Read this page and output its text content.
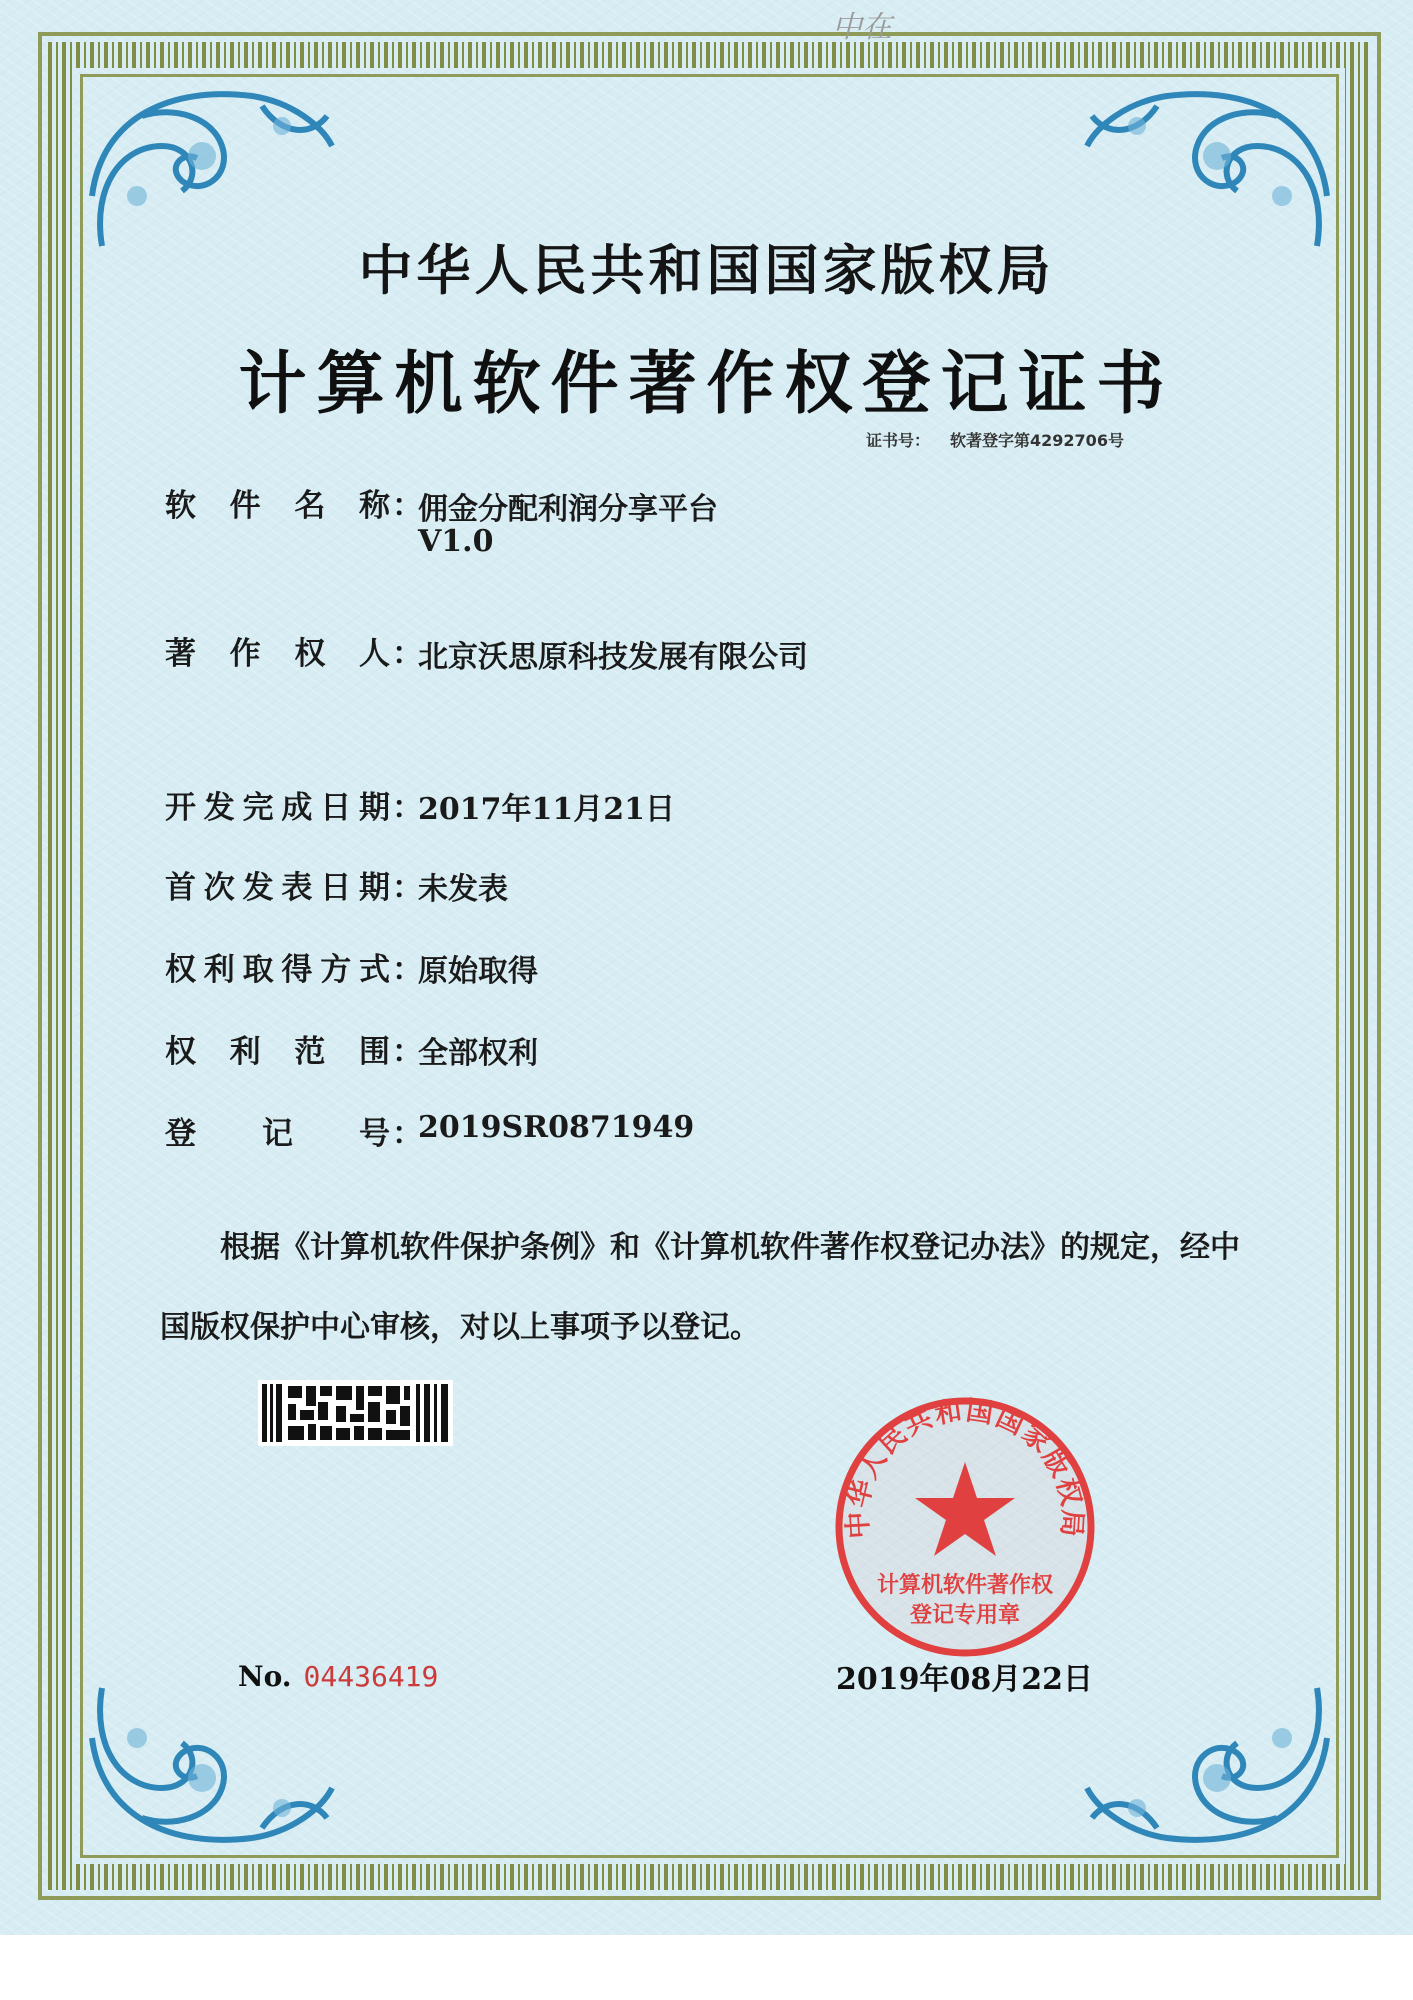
中在
中华人民共和国国家版权局
计算机软件著作权登记证书
证书号： 软著登字第4292706号
软件名称 ：
佣金分配利润分享平台
V1.0
著作权人 ：
北京沃思原科技发展有限公司
开发完成日期 ：
2017年11月21日
首次发表日期 ：
未发表
权利取得方式 ：
原始取得
权利范围 ：
全部权利
登记号 ：
2019SR0871949
根据《计算机软件保护条例》和《计算机软件著作权登记办法》的规定，经中国版权保护中心审核，对以上事项予以登记。
No. 04436419
中华人民共和国国家版权局
计算机软件著作权
登记专用章
2019年08月22日
